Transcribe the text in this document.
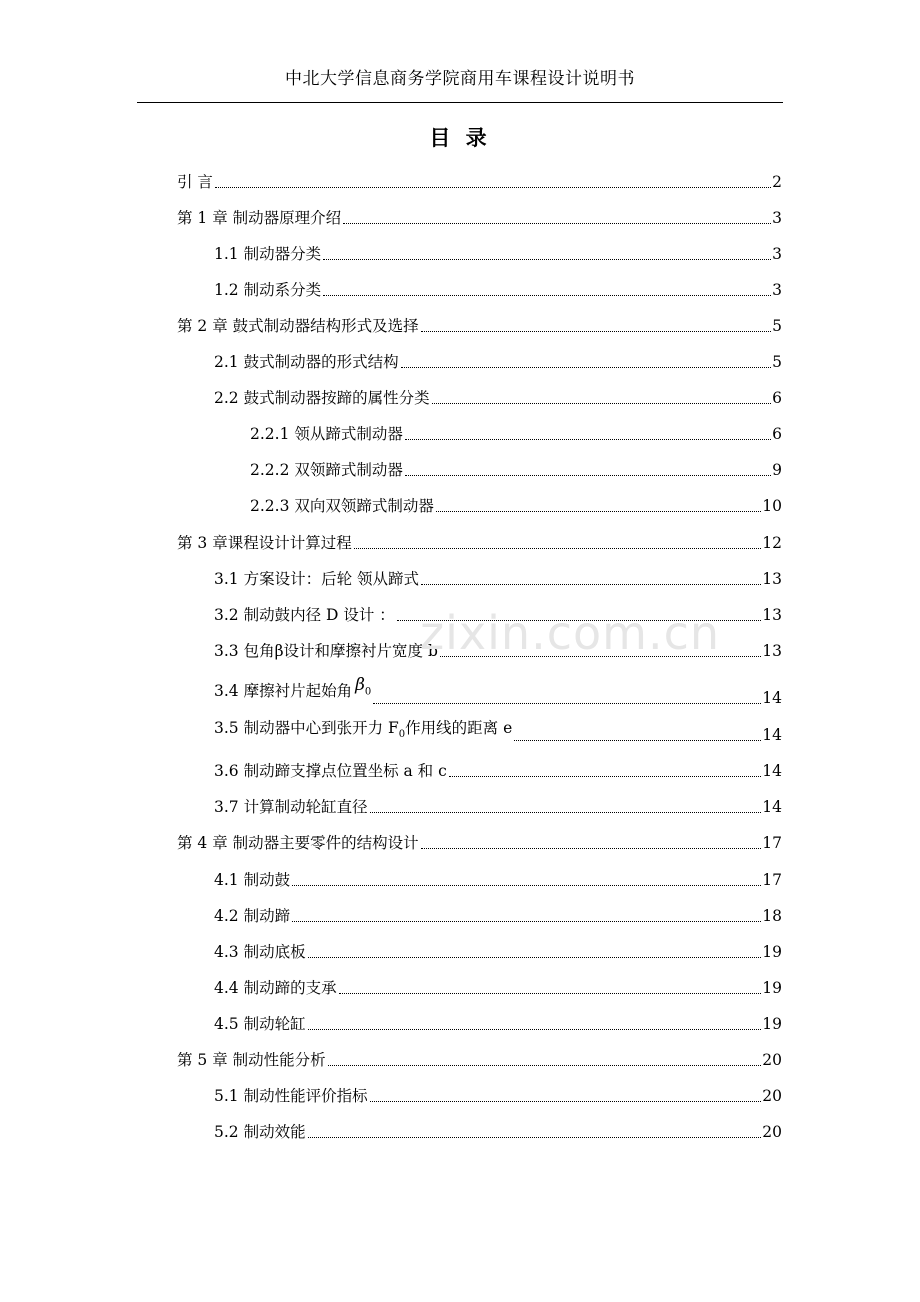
中北大学信息商务学院商用车课程设计说明书
目 录
引 言	2
第 1 章 制动器原理介绍	3
1.1 制动器分类	3
1.2 制动系分类	3
第 2 章 鼓式制动器结构形式及选择	5
2.1 鼓式制动器的形式结构	5
2.2 鼓式制动器按蹄的属性分类	6
2.2.1 领从蹄式制动器	6
2.2.2 双领蹄式制动器	9
2.2.3 双向双领蹄式制动器	10
第 3 章课程设计计算过程	12
3.1 方案设计：后轮 领从蹄式	13
3.2 制动鼓内径 D 设计 ：	13
3.3 包角β设计和摩擦衬片宽度 b	13
3.4 摩擦衬片起始角 $\beta_0$	14
3.5 制动器中心到张开力 $F_0$作用线的距离 e	14
3.6 制动蹄支撑点位置坐标 a 和 c	14
3.7 计算制动轮缸直径	14
第 4 章 制动器主要零件的结构设计	17
4.1 制动鼓	17
4.2 制动蹄	18
4.3 制动底板	19
4.4 制动蹄的支承	19
4.5 制动轮缸	19
第 5 章 制动性能分析	20
5.1 制动性能评价指标	20
5.2 制动效能	20
zixin.com.cn
